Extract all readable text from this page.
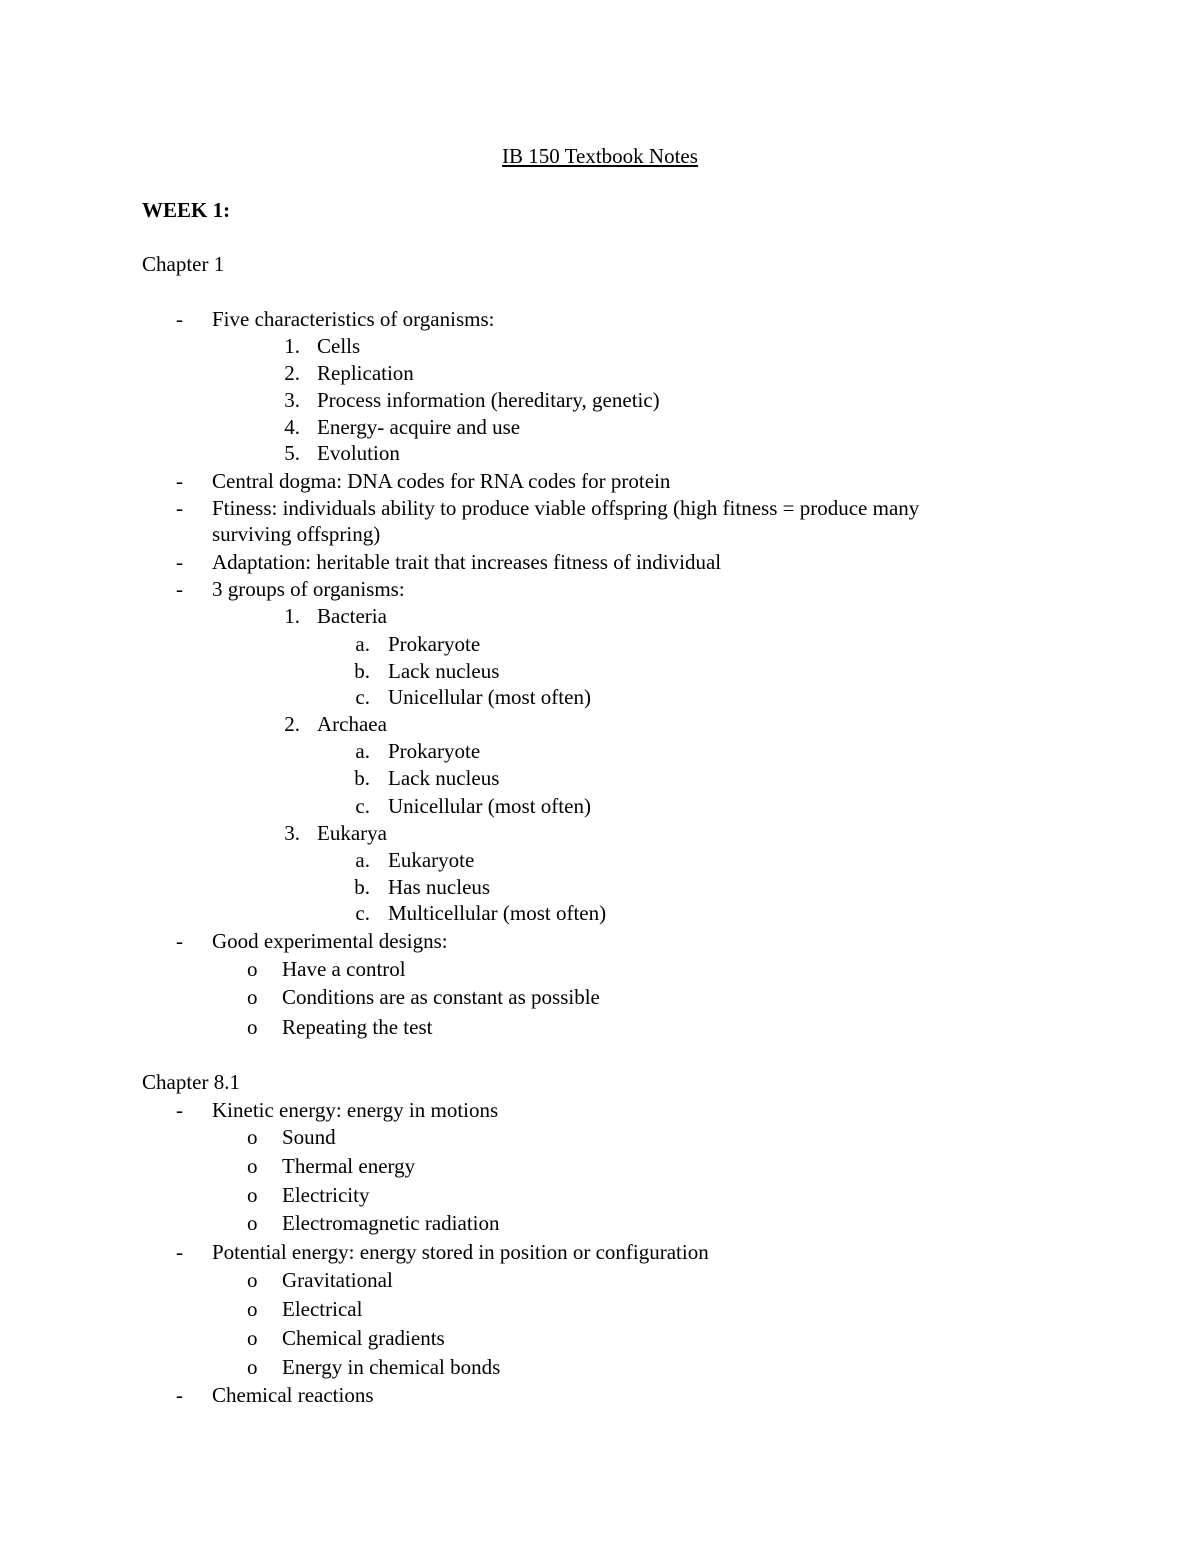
IB 150 Textbook Notes
WEEK 1:
Chapter 1
- Five characteristics of organisms:
1. Cells
2. Replication
3. Process information (hereditary, genetic)
4. Energy- acquire and use
5. Evolution
- Central dogma: DNA codes for RNA codes for protein
- Ftiness: individuals ability to produce viable offspring (high fitness = produce many
surviving offspring)
- Adaptation: heritable trait that increases fitness of individual
- 3 groups of organisms:
1. Bacteria
a. Prokaryote
b. Lack nucleus
c. Unicellular (most often)
2. Archaea
a. Prokaryote
b. Lack nucleus
c. Unicellular (most often)
3. Eukarya
a. Eukaryote
b. Has nucleus
c. Multicellular (most often)
- Good experimental designs:
o Have a control
o Conditions are as constant as possible
o Repeating the test
Chapter 8.1
- Kinetic energy: energy in motions
o Sound
o Thermal energy
o Electricity
o Electromagnetic radiation
- Potential energy: energy stored in position or configuration
o Gravitational
o Electrical
o Chemical gradients
o Energy in chemical bonds
- Chemical reactions
